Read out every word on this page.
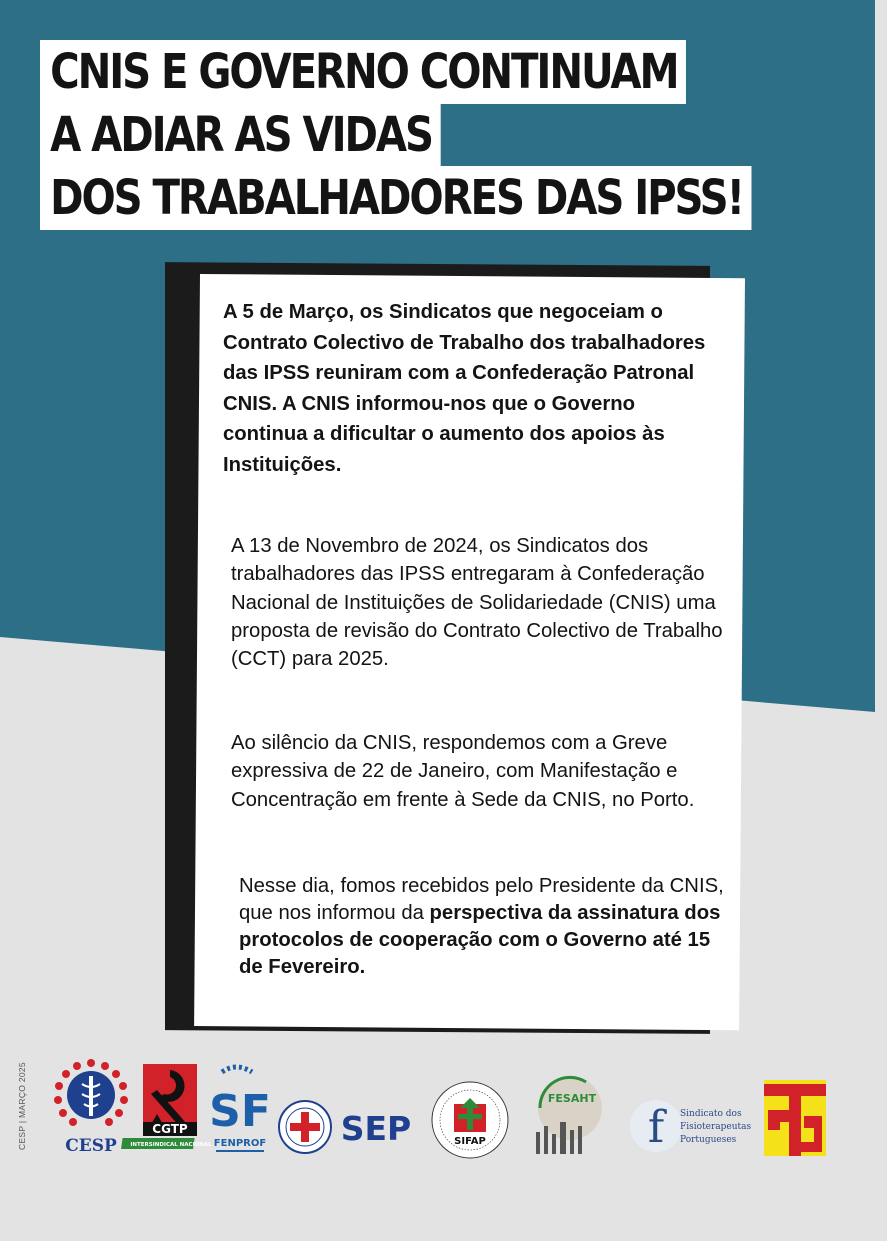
CNIS E GOVERNO CONTINUAM
A ADIAR AS VIDAS
DOS TRABALHADORES DAS IPSS!

A 5 de Março, os Sindicatos que negoceiam o Contrato Colectivo de Trabalho dos trabalhadores das IPSS reuniram com a Confederação Patronal CNIS. A CNIS informou-nos que o Governo continua a dificultar o aumento dos apoios às Instituições.

A 13 de Novembro de 2024, os Sindicatos dos trabalhadores das IPSS entregaram à Confederação Nacional de Instituições de Solidariedade (CNIS) uma proposta de revisão do Contrato Colectivo de Trabalho (CCT) para 2025.

Ao silêncio da CNIS, respondemos com a Greve expressiva de 22 de Janeiro, com Manifestação e Concentração em frente à Sede da CNIS, no Porto.

Nesse dia, fomos recebidos pelo Presidente da CNIS, que nos informou da perspectiva da assinatura dos protocolos de cooperação com o Governo até 15 de Fevereiro.

CESP | MARÇO 2025 CESP
CGTP
INTERSINDICAL NACIONAL
SF
FENPROF SEP	SIFAP
FESAHT
f	Sindicato dos
Fisioterapeutas
Portugueses
